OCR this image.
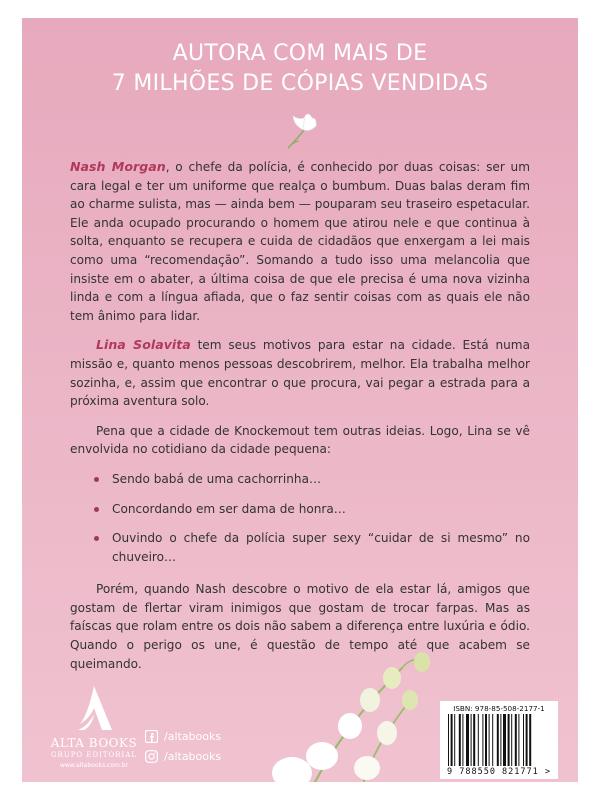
AUTORA COM MAIS DE
7 MILHÕES DE CÓPIAS VENDIDAS

Nash Morgan, o chefe da polícia, é conhecido por duas coisas: ser um cara legal e ter um uniforme que realça o bumbum. Duas balas deram fim ao charme sulista, mas — ainda bem — pouparam seu traseiro espetacular. Ele anda ocupado procurando o homem que atirou nele e que continua à solta, enquanto se recupera e cuida de cidadãos que enxergam a lei mais como uma “recomendação”. Somando a tudo isso uma melancolia que insiste em o abater, a última coisa de que ele precisa é uma nova vizinha linda e com a língua afiada, que o faz sentir coisas com as quais ele não tem ânimo para lidar.

Lina Solavita tem seus motivos para estar na cidade. Está numa missão e, quanto menos pessoas descobrirem, melhor. Ela trabalha melhor sozinha, e, assim que encontrar o que procura, vai pegar a estrada para a próxima aventura solo.

Pena que a cidade de Knockemout tem outras ideias. Logo, Lina se vê envolvida no cotidiano da cidade pequena:

Sendo babá de uma cachorrinha…
Concordando em ser dama de honra…
Ouvindo o chefe da polícia super sexy “cuidar de si mesmo” no chuveiro…

Porém, quando Nash descobre o motivo de ela estar lá, amigos que gostam de flertar viram inimigos que gostam de trocar farpas. Mas as faíscas que rolam entre os dois não sabem a diferença entre luxúria e ódio. Quando o perigo os une, é questão de tempo até que acabem se queimando.

ALTA BOOKS
GRUPO EDITORIAL
www.altabooks.com.br
/altabooks
/altabooks
ISBN: 978-85-508-2177-1
9 788550 821771 >
